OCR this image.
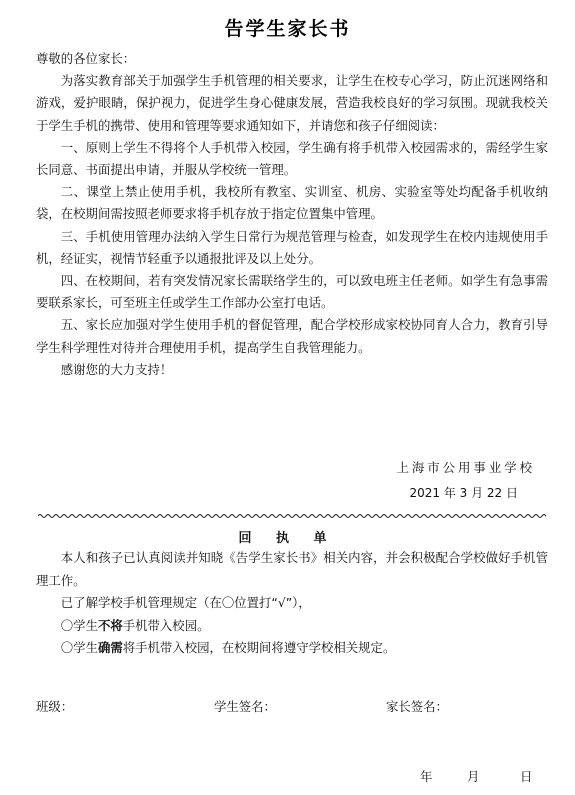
告学生家长书

尊敬的各位家长：

为落实教育部关于加强学生手机管理的相关要求，让学生在校专心学习，防止沉迷网络和游戏，爱护眼睛，保护视力，促进学生身心健康发展，营造我校良好的学习氛围。现就我校关于学生手机的携带、使用和管理等要求通知如下，并请您和孩子仔细阅读：

一、原则上学生不得将个人手机带入校园，学生确有将手机带入校园需求的，需经学生家长同意、书面提出申请，并服从学校统一管理。

二、课堂上禁止使用手机，我校所有教室、实训室、机房、实验室等处均配备手机收纳袋，在校期间需按照老师要求将手机存放于指定位置集中管理。

三、手机使用管理办法纳入学生日常行为规范管理与检查，如发现学生在校内违规使用手机，经证实，视情节轻重予以通报批评及以上处分。

四、在校期间，若有突发情况家长需联络学生的，可以致电班主任老师。如学生有急事需要联系家长，可至班主任或学生工作部办公室打电话。

五、家长应加强对学生使用手机的督促管理，配合学校形成家校协同育人合力，教育引导学生科学理性对待并合理使用手机，提高学生自我管理能力。

感谢您的大力支持！

上海市公用事业学校
2021 年 3 月 22 日
回 执 单

本人和孩子已认真阅读并知晓《告学生家长书》相关内容，并会积极配合学校做好手机管理工作。

已了解学校手机管理规定（在〇位置打“√”），

〇学生不将手机带入校园。

〇学生确需将手机带入校园，在校期间将遵守学校相关规定。

班级：	学生签名：	家长签名：
年	月	日
